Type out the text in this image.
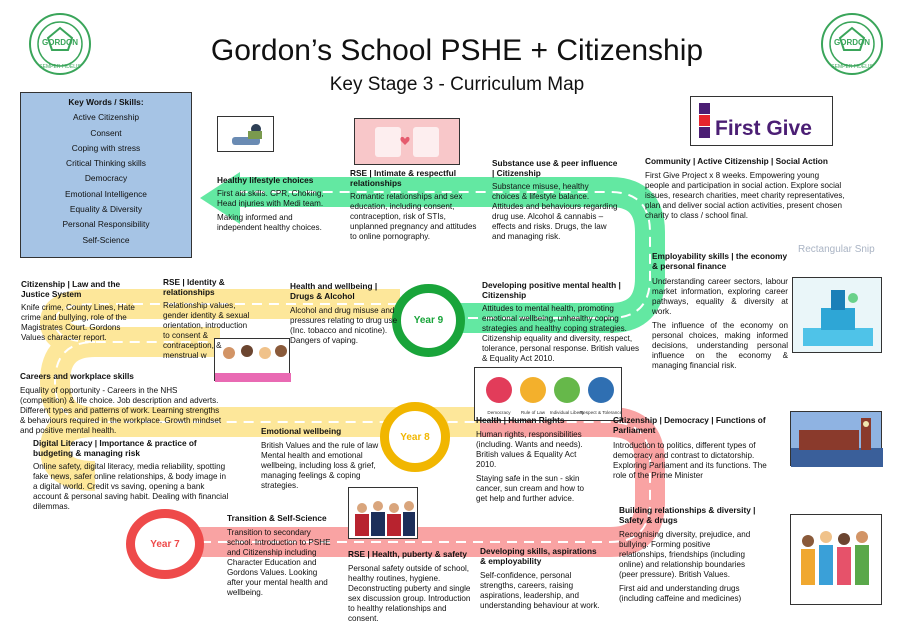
GORDON
SEMPER FIDELIS
GORDON
SEMPER FIDELIS
Gordon’s School PSHE + Citizenship
Key Stage 3 - Curriculum Map
Key Words / Skills:
Active Citizenship
Consent
Coping with stress
Critical Thinking skills
Democracy
Emotional Intelligence
Equality & Diversity
Personal Responsibility
Self-Science
First Give
Democracy Rule of Law Individual Liberty
Respect & Tolerance
Year 9
Year 8
Year 7
Healthy lifestyle choices

First aid skills. CPR, Choking, Head injuries with Medi team.

Making informed and independent healthy choices.

RSE | Intimate & respectful relationships

Romantic relationships and sex education, including consent, contraception, risk of STIs, unplanned pregnancy and attitudes to online pornography.

Substance use & peer influence | Citizenship

Substance misuse, healthy choices & lifestyle balance. Attitudes and behaviours regarding drug use. Alcohol & cannabis – effects and risks. Drugs, the law and managing risk.

Community | Active Citizenship | Social Action

First Give Project x 8 weeks. Empowering young people and participation in social action. Explore social issues, research charities, meet charity representatives, plan and deliver social action activities, present chosen charity to class / school final.

Employability skills | the economy & personal finance

Understanding career sectors, labour market information, exploring career pathways, equality & diversity at work.

The influence of the economy on personal choices, making informed decisions, understanding personal influence on the economy & managing financial risk.

Developing positive mental health | Citizenship

Attitudes to mental health, promoting emotional wellbeing, unhealthy coping strategies and healthy coping strategies. Citizenship equality and diversity, respect, tolerance, personal response. British values & Equality Act 2010.

Health and wellbeing | Drugs & Alcohol

Alcohol and drug misuse and pressures relating to drug use (Inc. tobacco and nicotine). Dangers of vaping.

RSE | Identity & relationships

Relationship values, gender identity & sexual orientation, introduction to consent & contraception, & menstrual w

Citizenship | Law and the Justice System

Knife crime, County Lines, Hate crime and bullying, role of the Magistrates Court. Gordons Values character report.

Careers and workplace skills

Equality of opportunity - Careers in the NHS (competition) & life choice. Job description and adverts. Different types and patterns of work. Learning strengths & behaviours required in the workplace. Growth mindset and positive mental health.

Digital Literacy | Importance & practice of budgeting & managing risk

Online safety, digital literacy, media reliability, spotting fake news, safer online relationships, & body image in a digital world. Credit vs saving, opening a bank account & personal saving habit. Dealing with financial dilemmas.

Emotional wellbeing

British Values and the rule of law Mental health and emotional wellbeing, including loss & grief, managing feelings & coping strategies.

Health | Human Rights

Human rights, responsibilities (including. Wants and needs). British values & Equality Act 2010.

Staying safe in the sun - skin cancer, sun cream and how to get help and further advice.

Citizenship | Democracy | Functions of Parliament

Introduction to politics, different types of democracy and contrast to dictatorship. Exploring Parliament and its functions. The role of the Prime Minister

Transition & Self-Science

Transition to secondary school. Introduction to PSHE and Citizenship including Character Education and Gordons Values. Looking after your mental health and wellbeing.

RSE | Health, puberty & safety

Personal safety outside of school, healthy routines, hygiene. Deconstructing puberty and single sex discussion group. Introduction to healthy relationships and consent.

Developing skills, aspirations & employability

Self-confidence, personal strengths, careers, raising aspirations, leadership, and understanding behaviour at work.

Building relationships & diversity | Safety & drugs

Recognising diversity, prejudice, and bullying. Forming positive relationships, friendships (including online) and relationship boundaries (peer pressure). British Values.

First aid and understanding drugs (including caffeine and medicines)

Rectangular Snip
